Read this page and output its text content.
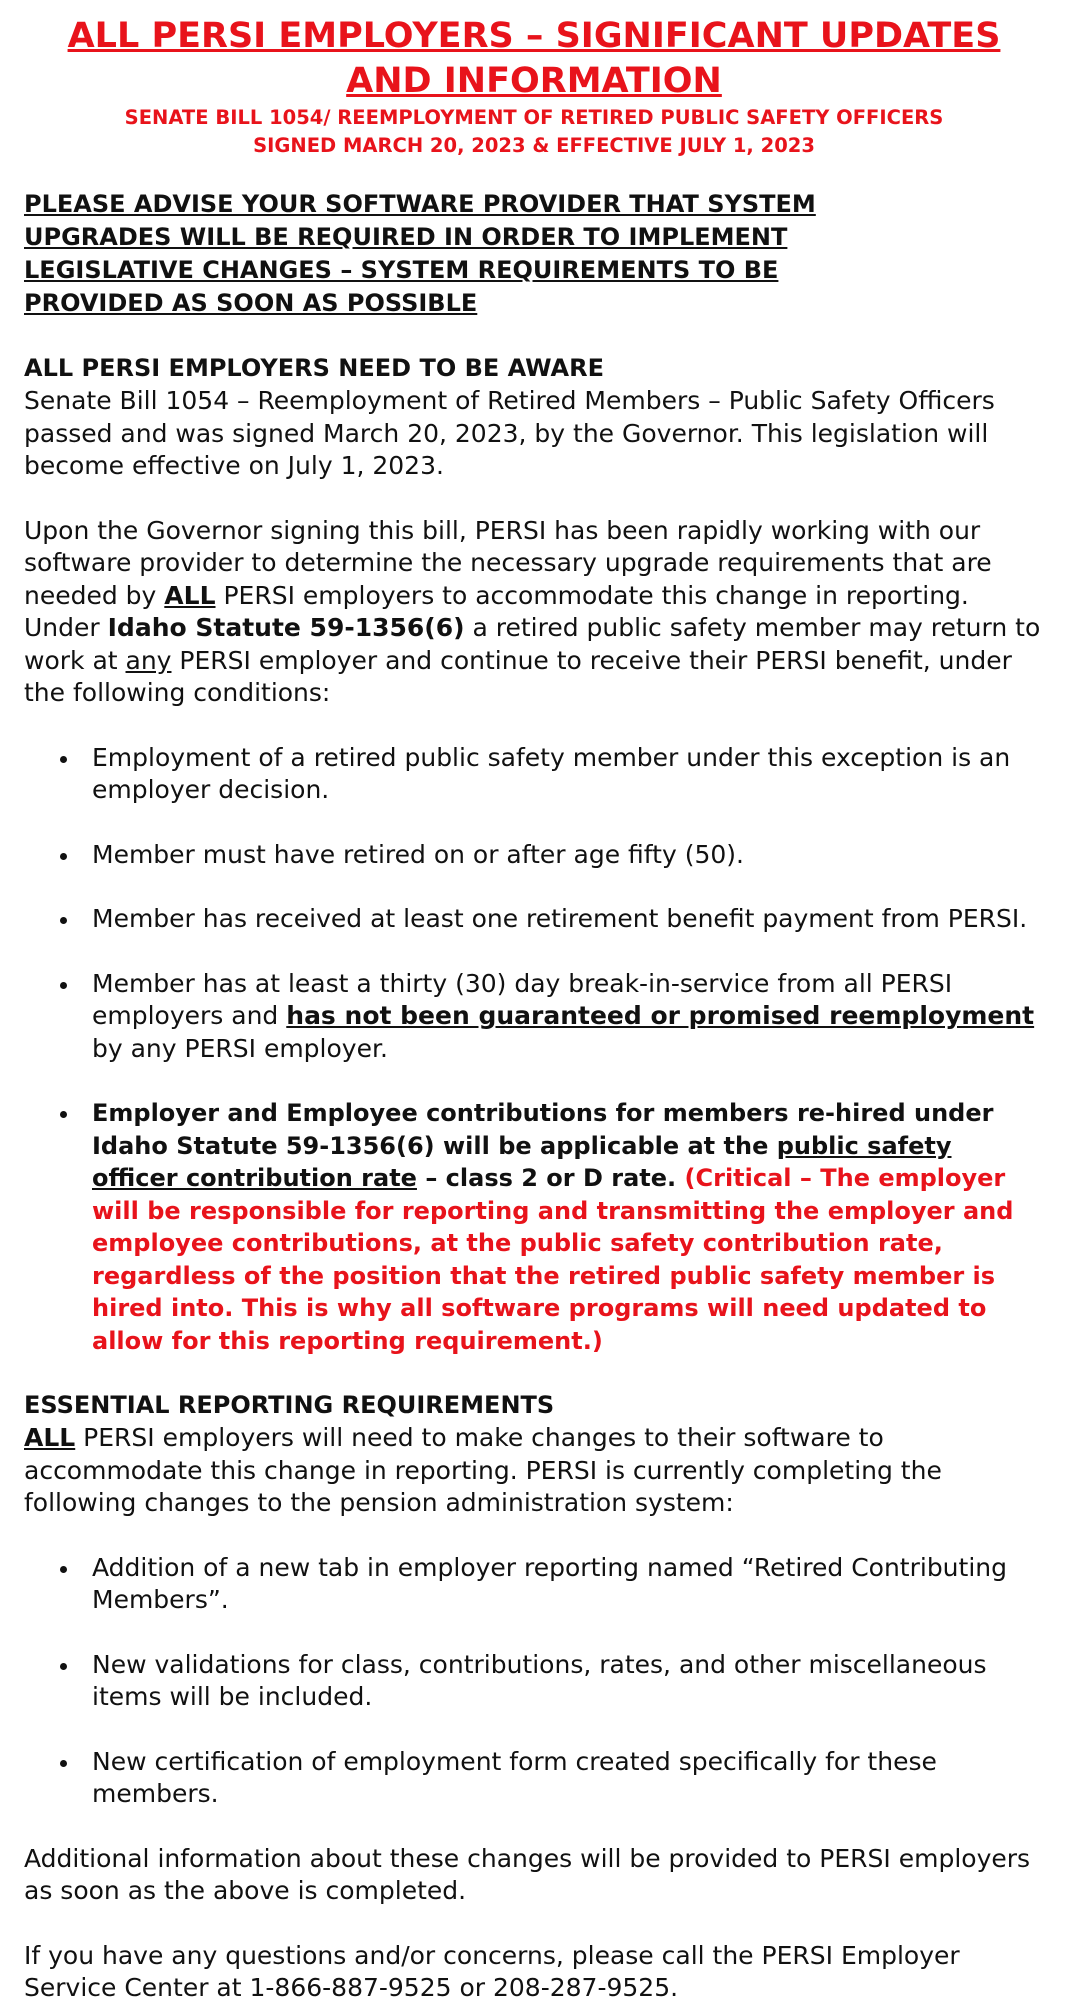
ALL PERSI EMPLOYERS – SIGNIFICANT UPDATES AND INFORMATION
SENATE BILL 1054/ REEMPLOYMENT OF RETIRED PUBLIC SAFETY OFFICERS
SIGNED MARCH 20, 2023 & EFFECTIVE JULY 1, 2023
PLEASE ADVISE YOUR SOFTWARE PROVIDER THAT SYSTEM UPGRADES WILL BE REQUIRED IN ORDER TO IMPLEMENT LEGISLATIVE CHANGES – SYSTEM REQUIREMENTS TO BE PROVIDED AS SOON AS POSSIBLE
ALL PERSI EMPLOYERS NEED TO BE AWARE

Senate Bill 1054 – Reemployment of Retired Members – Public Safety Officers passed and was signed March 20, 2023, by the Governor. This legislation will become effective on July 1, 2023.

Upon the Governor signing this bill, PERSI has been rapidly working with our software provider to determine the necessary upgrade requirements that are needed by ALL PERSI employers to accommodate this change in reporting. Under Idaho Statute 59-1356(6) a retired public safety member may return to work at any PERSI employer and continue to receive their PERSI benefit, under the following conditions:

Employment of a retired public safety member under this exception is an employer decision.
Member must have retired on or after age fifty (50).
Member has received at least one retirement benefit payment from PERSI.
Member has at least a thirty (30) day break-in-service from all PERSI employers and has not been guaranteed or promised reemployment by any PERSI employer.
Employer and Employee contributions for members re-hired under Idaho Statute 59-1356(6) will be applicable at the public safety officer contribution rate – class 2 or D rate. (Critical – The employer will be responsible for reporting and transmitting the employer and employee contributions, at the public safety contribution rate, regardless of the position that the retired public safety member is hired into. This is why all software programs will need updated to allow for this reporting requirement.)
ESSENTIAL REPORTING REQUIREMENTS

ALL PERSI employers will need to make changes to their software to accommodate this change in reporting. PERSI is currently completing the following changes to the pension administration system:

Addition of a new tab in employer reporting named “Retired Contributing Members”.
New validations for class, contributions, rates, and other miscellaneous items will be included.
New certification of employment form created specifically for these members.

Additional information about these changes will be provided to PERSI employers as soon as the above is completed.

If you have any questions and/or concerns, please call the PERSI Employer Service Center at 1-866-887-9525 or 208-287-9525.
